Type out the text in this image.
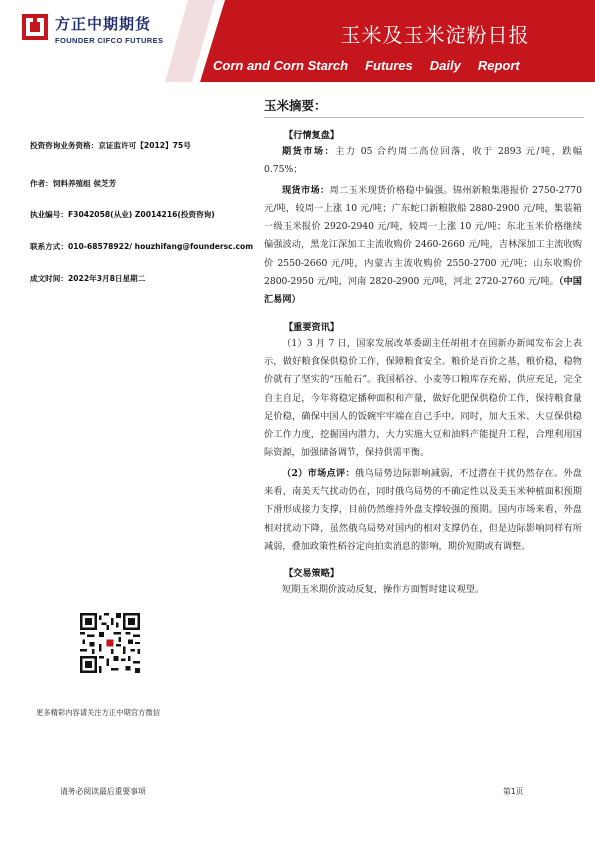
方正中期期货
FOUNDER CIFCO FUTURES	玉米及玉米淀粉日报
Corn and Corn Starch Futures Daily Report
投资咨询业务资格：京证监许可【2012】75号
作者：饲料养殖组 侯芝芳
执业编号：F3042058(从业) Z0014216(投资咨询)
联系方式：010-68578922/ houzhifang@foundersc.com
成文时间：2022年3月8日星期二
更多精彩内容请关注方正中期官方微信
玉米摘要：
【行情复盘】

期货市场：主力 05 合约周二高位回落，收于 2893 元/吨，跌幅 0.75%；

现货市场：周二玉米现货价格稳中偏强。锦州新粮集港报价 2750-2770 元/吨，较周一上涨 10 元/吨；广东蛇口新粮散船 2880-2900 元/吨，集装箱一级玉米报价 2920-2940 元/吨，较周一上涨 10 元/吨；东北玉米价格继续偏强波动，黑龙江深加工主流收购价 2460-2660 元/吨，吉林深加工主流收购价 2550-2660 元/吨，内蒙古主流收购价 2550-2700 元/吨；山东收购价 2800-2950 元/吨，河南 2820-2900 元/吨，河北 2720-2760 元/吨。（中国汇易网）

【重要资讯】

（1）3 月 7 日，国家发展改革委副主任胡祖才在国新办新闻发布会上表示，做好粮食保供稳价工作，保障粮食安全。粮价是百价之基，粮价稳，稳物价就有了坚实的“压舱石”。我国稻谷、小麦等口粮库存充裕、供应充足，完全自主自足，今年将稳定播种面积和产量，做好化肥保供稳价工作，保持粮食量足价稳，确保中国人的饭碗牢牢端在自己手中。同时，加大玉米、大豆保供稳价工作力度，挖掘国内潜力，大力实施大豆和油料产能提升工程，合理利用国际资源，加强储备调节，保持供需平衡。

（2）市场点评：俄乌局势边际影响减弱，不过潜在干扰仍然存在。外盘来看，南美天气扰动仍在，同时俄乌局势的不确定性以及美玉米种植面积预期下滑形成接力支撑，目前仍然维持外盘支撑较强的预期。国内市场来看，外盘相对扰动下降，虽然俄乌局势对国内的相对支撑仍在，但是边际影响同样有所减弱，叠加政策性稻谷定向拍卖消息的影响，期价短期或有调整。

【交易策略】

短期玉米期价波动反复，操作方面暂时建议观望。

请务必阅读最后重要事项	第1页
